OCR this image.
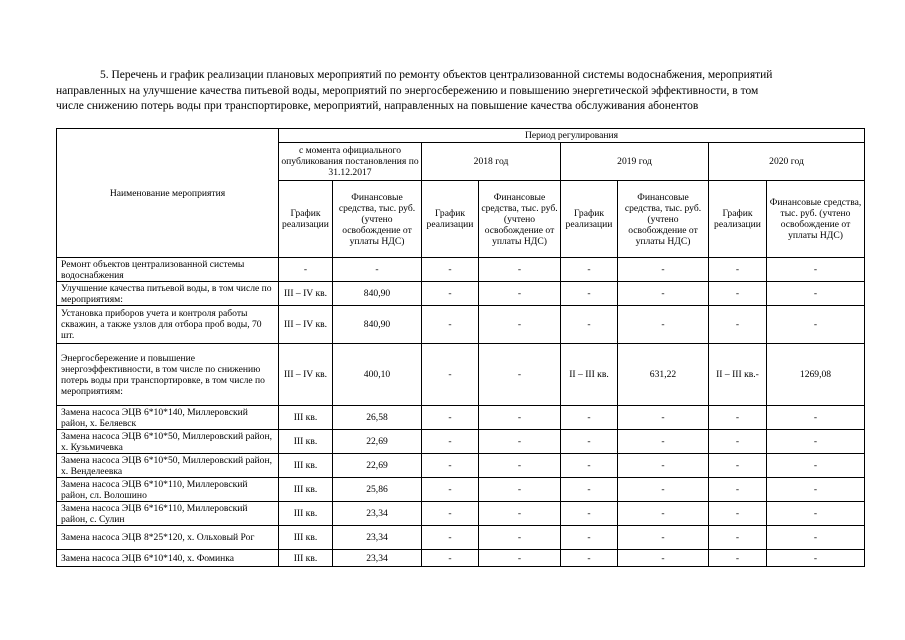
5. Перечень и график реализации плановых мероприятий по ремонту объектов централизованной системы водоснабжения, мероприятий
направленных на улучшение качества питьевой воды, мероприятий по энергосбережению и повышению энергетической эффективности, в том
числе снижению потерь воды при транспортировке, мероприятий, направленных на повышение качества обслуживания абонентов
Наименование мероприятия	Период регулирования							
	с момента официального опубликования постановления по 31.12.2017		2018 год		2019 год		2020 год	
	График реализации	Финансовые средства, тыс. руб. (учтено освобождение от уплаты НДС)	График реализации	Финансовые средства, тыс. руб. (учтено освобождение от уплаты НДС)	График реализации	Финансовые средства, тыс. руб. (учтено освобождение от уплаты НДС)	График реализации	Финансовые средства, тыс. руб. (учтено освобождение от уплаты НДС)
Ремонт объектов централизованной системы водоснабжения	-	-	-	-	-	-	-	-
Улучшение качества питьевой воды, в том числе по мероприятиям:	III – IV кв.	840,90	-	-	-	-	-	-
Установка приборов учета и контроля работы скважин, а также узлов для отбора проб воды, 70 шт.	III – IV кв.	840,90	-	-	-	-	-	-
Энергосбережение и повышение энергоэффективности, в том числе по снижению потерь воды при транспортировке, в том числе по мероприятиям:	III – IV кв.	400,10	-	-	II – III кв.	631,22	II – III кв.-	1269,08
Замена насоса ЭЦВ 6*10*140, Миллеровский район, х. Беляевск	III кв.	26,58	-	-	-	-	-	-
Замена насоса ЭЦВ 6*10*50, Миллеровский район, х. Кузьмичевка	III кв.	22,69	-	-	-	-	-	-
Замена насоса ЭЦВ 6*10*50, Миллеровский район, х. Венделеевка	III кв.	22,69	-	-	-	-	-	-
Замена насоса ЭЦВ 6*10*110, Миллеровский район, сл. Волошино	III кв.	25,86	-	-	-	-	-	-
Замена насоса ЭЦВ 6*16*110, Миллеровский район, с. Сулин	III кв.	23,34	-	-	-	-	-	-
Замена насоса ЭЦВ 8*25*120, х. Ольховый Рог	III кв.	23,34	-	-	-	-	-	-
Замена насоса ЭЦВ 6*10*140, х. Фоминка	III кв.	23,34	-	-	-	-	-	-
